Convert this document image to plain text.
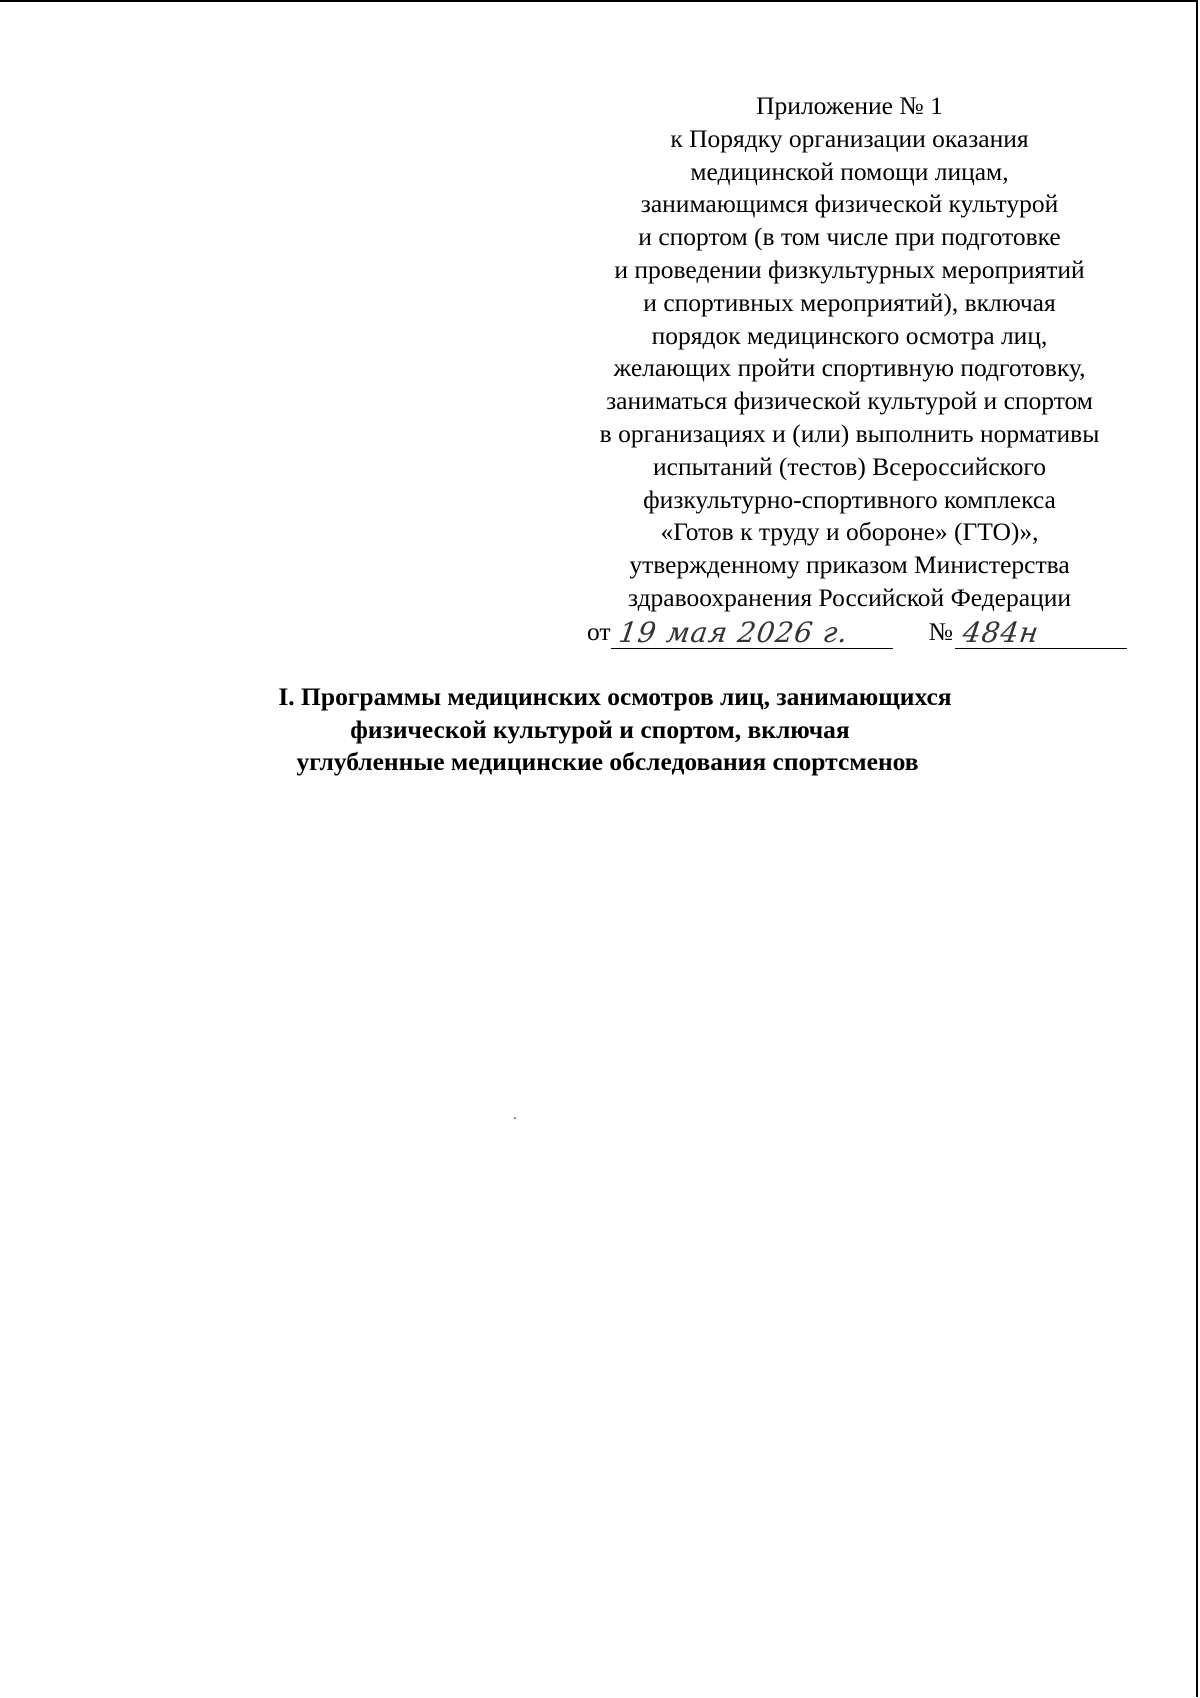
Приложение № 1
к Порядку организации оказания
медицинской помощи лицам,
занимающимся физической культурой
и спортом (в том числе при подготовке
и проведении физкультурных мероприятий
и спортивных мероприятий), включая
порядок медицинского осмотра лиц,
желающих пройти спортивную подготовку,
заниматься физической культурой и спортом
в организациях и (или) выполнить нормативы
испытаний (тестов) Всероссийского
физкультурно-спортивного комплекса
«Готов к труду и обороне» (ГТО)»,
утвержденному приказом Министерства
здравоохранения Российской Федерации
от 19 мая 2026 г.	№ 484н
I. Программы медицинских осмотров лиц, занимающихся
физической культурой и спортом, включая
углубленные медицинские обследования спортсменов
